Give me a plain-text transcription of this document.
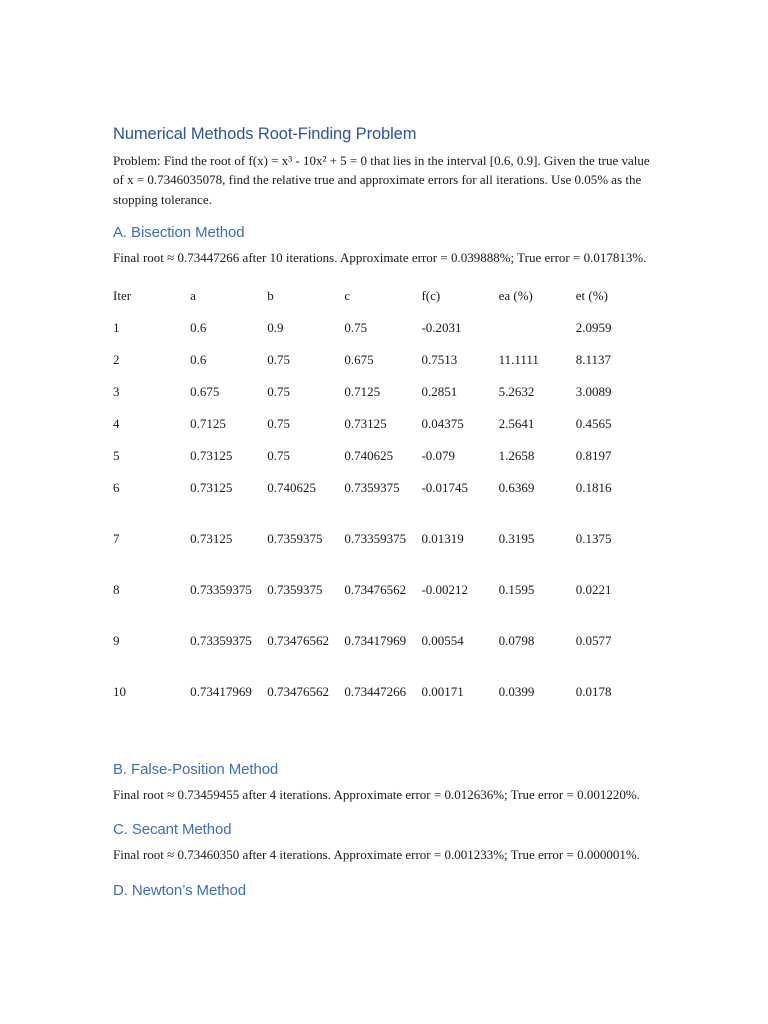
Numerical Methods Root-Finding Problem

Problem: Find the root of f(x) = x³ - 10x² + 5 = 0 that lies in the interval [0.6, 0.9]. Given the true value of x = 0.7346035078, find the relative true and approximate errors for all iterations. Use 0.05% as the stopping tolerance.

A. Bisection Method

Final root ≈ 0.73447266 after 10 iterations. Approximate error = 0.039888%; True error = 0.017813%.

Iter	a	b	c	f(c)	ea (%)	et (%)
1	0.6	0.9	0.75	-0.2031		2.0959
2	0.6	0.75	0.675	0.7513	11.1111	8.1137
3	0.675	0.75	0.7125	0.2851	5.2632	3.0089
4	0.7125	0.75	0.73125	0.04375	2.5641	0.4565
5	0.73125	0.75	0.740625	-0.079	1.2658	0.8197
6	0.73125	0.740625	0.7359375	-0.01745	0.6369	0.1816
7	0.73125	0.7359375	0.73359375	0.01319	0.3195	0.1375
8	0.73359375	0.7359375	0.73476562	-0.00212	0.1595	0.0221
9	0.73359375	0.73476562	0.73417969	0.00554	0.0798	0.0577
10	0.73417969	0.73476562	0.73447266	0.00171	0.0399	0.0178
B. False-Position Method

Final root ≈ 0.73459455 after 4 iterations. Approximate error = 0.012636%; True error = 0.001220%.

C. Secant Method

Final root ≈ 0.73460350 after 4 iterations. Approximate error = 0.001233%; True error = 0.000001%.

D. Newton’s Method
